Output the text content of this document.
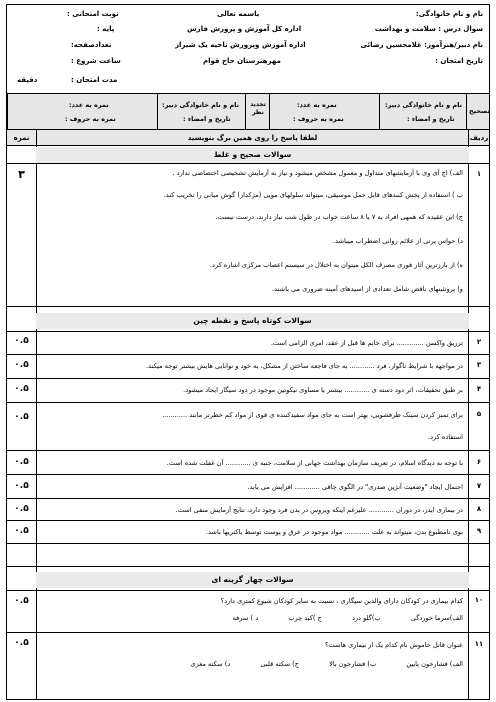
باسمه تعالی	نام و نام خانوادگی:
نوبت امتحانی :
سوال درس : سلامت و بهداشت
اداره کل آموزش و پرورش فارس
پایه :
نام دبیر/هنرآموز: غلامحسین رضائی
اداره آموزش وپرورش ناحیه یک شیراز
تعدادصفحه:
تاریخ امتحان :
مهرهنرستان حاج قوام
ساعت شروع :
مدت امتحان :
دقیقه
تصحیح
نام و نام خانوادگی دبیر:
تاریخ و امضاء :
نمره به عدد:
نمره به حروف :
تجدید نظر
نام و نام خانوادگی دبیر:
تاریخ و امضاء :
نمره به عدد:
نمره به حروف :
ردیف
لطفا پاسخ را روی همین برگ بنویسید
نمره
سوالات صحیح و غلط
۱
۳	الف) اچ آی وی با آزمایشهای متداول و معمول مشخص میشود و نیاز به آزمایش تشخیصی اختصاصی ندارد .
ب ) استفاده از پخش کنندهای قابل حمل موسیقی، میتواند سلولهای مویی (مژکدار) گوش میانی را تخریب کند.
ج) این عقیده که همهی افراد به ۷ یا ۸ ساعت خواب در طول شب نیاز دارند، درست نیست.
د) حواس پرتی از علائم روانی اضطراب میباشد.
ه) از بارزترین آثار فوری مصرف الکل میتوان به اختلال در سیستم اعصاب مرکزی اشاره کرد.
و) پروتئینهای ناقص شامل تعدادی از اسیدهای آمینه ضروری می باشند.
سوالات کوتاه پاسخ و نقطه چین
۲
۰.۵	تزریق واکسن ............. برای خانم ها قبل از عقد، امری الزامی است.
۳
۰.۵	در مواجهه با شرایط ناگوار، فرد ............ به جای فاجعه ساختن از مشکل، به خود و توانایی هایش بیشتر توجه میکند.
۴
۰.۵	بر طبق تحقیقات، اثر دود دسته ی ............ بیشتر یا مساوی نیکوتین موجود در دود سیگار ایجاد میشود.
۵
۰.۵	برای تمیز کردن سینک ظرفشویی، بهتر است به جای مواد سفیدکننده ی قوی از مواد کم خطرتر مانند ............
استفاده کرد.
۶
۰.۵	با توجه به دیدگاه اسلام، در تعریف سازمان بهداشت جهانی از سلامت، جنبه ی ............ آن غفلت شده است.
۷
۰.۵	احتمال ایجاد "وضعیت آنژین صدری" در الگوی چاقی ............ افزایش می یابد.
۸
۰.۵	در بیماری ایدز، در دوران ............ علیرغم اینکه ویروس در بدن فرد وجود دارد، نتایج آزمایش منفی است.
۹
۰.۵	بوی نامطبوع بدن، میتواند به علت ............ مواد موجود در عرق و پوست توسط باکتریها باشد.
سوالات چهار گزینه ای
۱۰
۰.۵	کدام بیماری در کودکان دارای والدین سیگاری ، نسبت به سایر کودکان شیوع کمتری دارد؟
الف)سرما خوردگی ب)گلو درد ج )کبد چرب د ) سرفه
۱۱
۰.۵	عنوان قاتل خاموش نام کدام یک از بیماری هاست؟
الف) فشارخون پایین ب) فشارخون بالا ج) سکته قلبی د) سکته مغزی
